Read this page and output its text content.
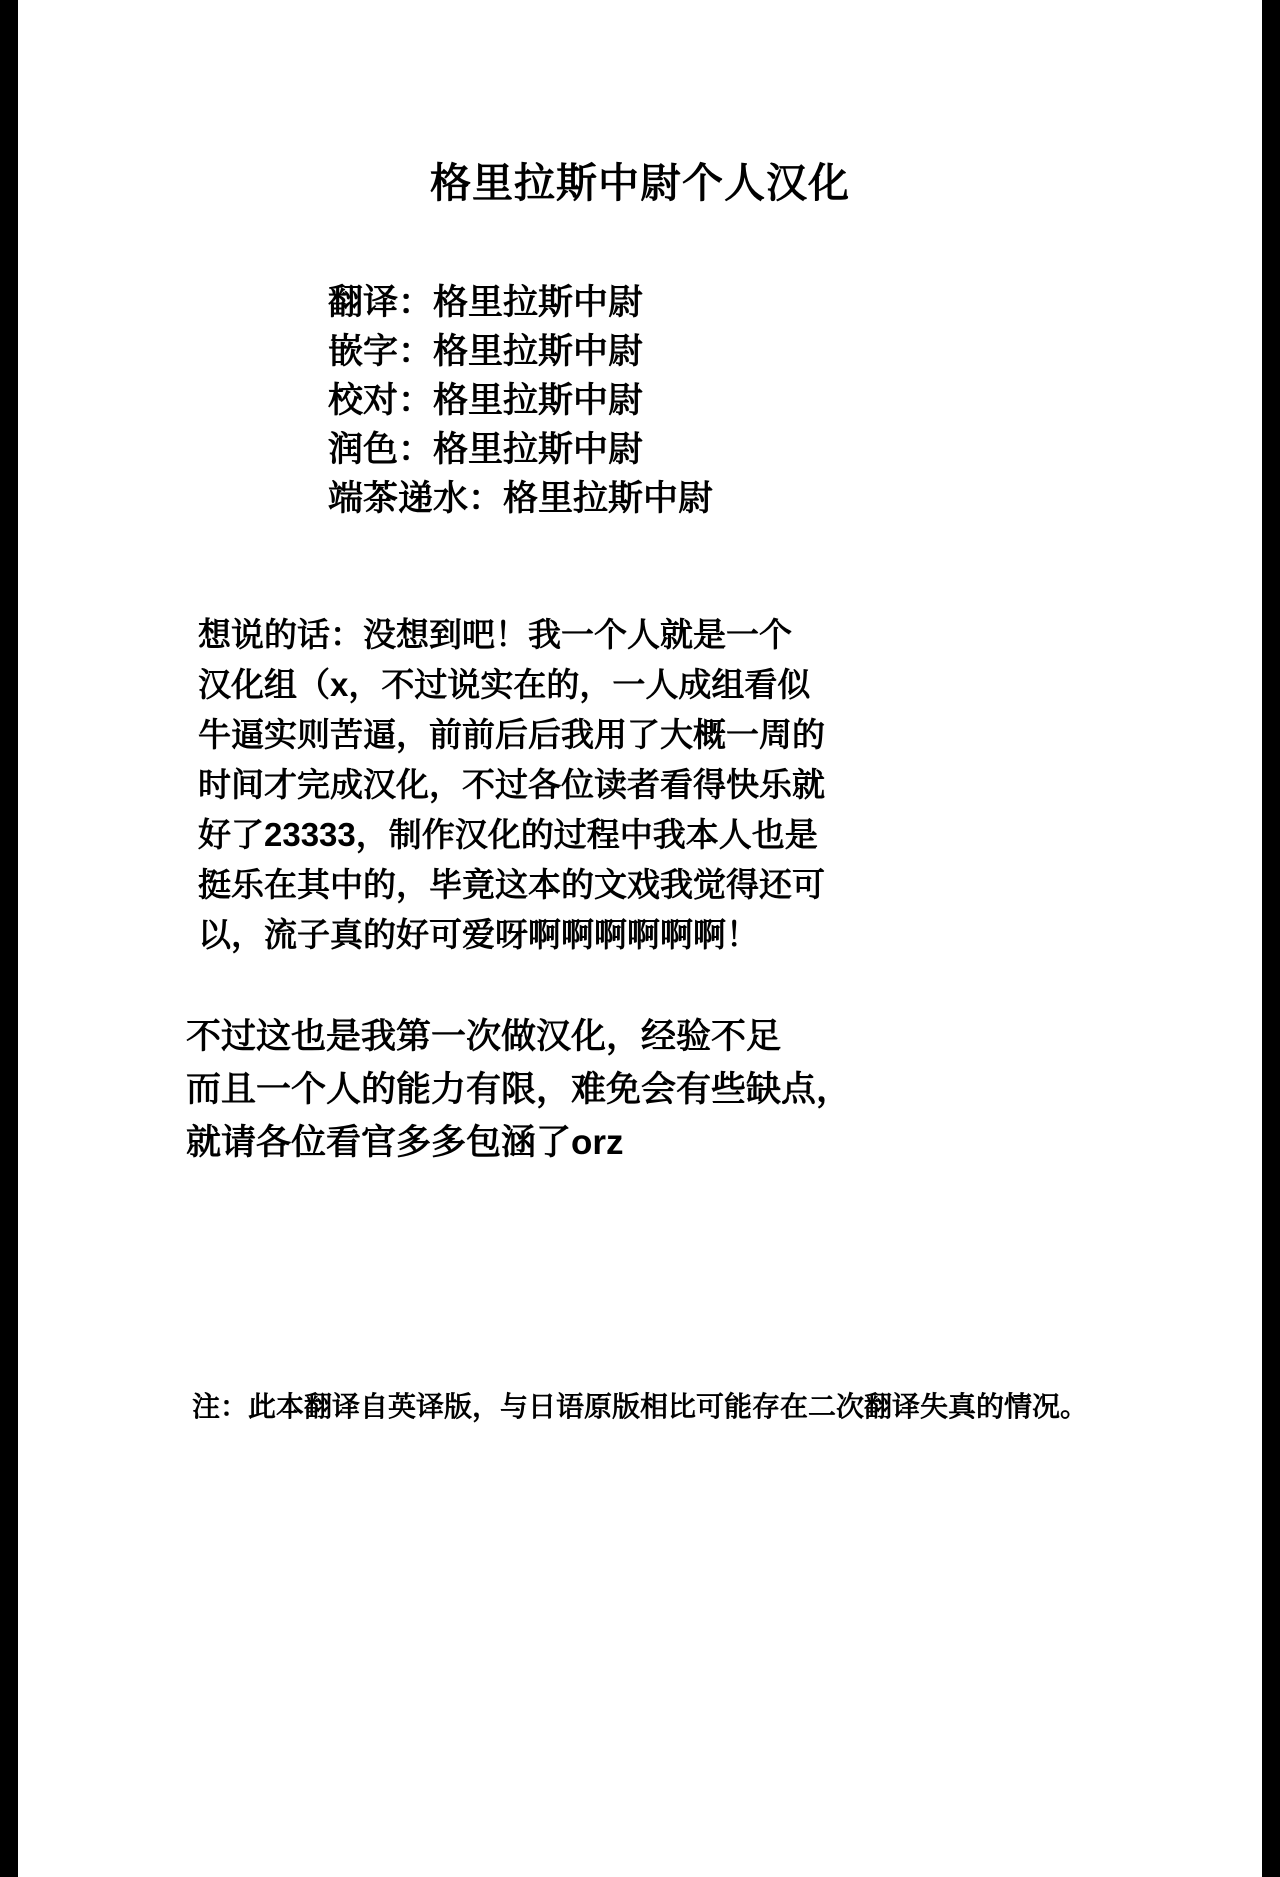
格里拉斯中尉个人汉化
翻译：格里拉斯中尉
嵌字：格里拉斯中尉
校对：格里拉斯中尉
润色：格里拉斯中尉
端茶递水：格里拉斯中尉
想说的话：没想到吧！我一个人就是一个
汉化组（x，不过说实在的，一人成组看似
牛逼实则苦逼，前前后后我用了大概一周的
时间才完成汉化，不过各位读者看得快乐就
好了23333，制作汉化的过程中我本人也是
挺乐在其中的，毕竟这本的文戏我觉得还可
以，流子真的好可爱呀啊啊啊啊啊啊！
不过这也是我第一次做汉化，经验不足
而且一个人的能力有限，难免会有些缺点，
就请各位看官多多包涵了orz
注：此本翻译自英译版，与日语原版相比可能存在二次翻译失真的情况。
